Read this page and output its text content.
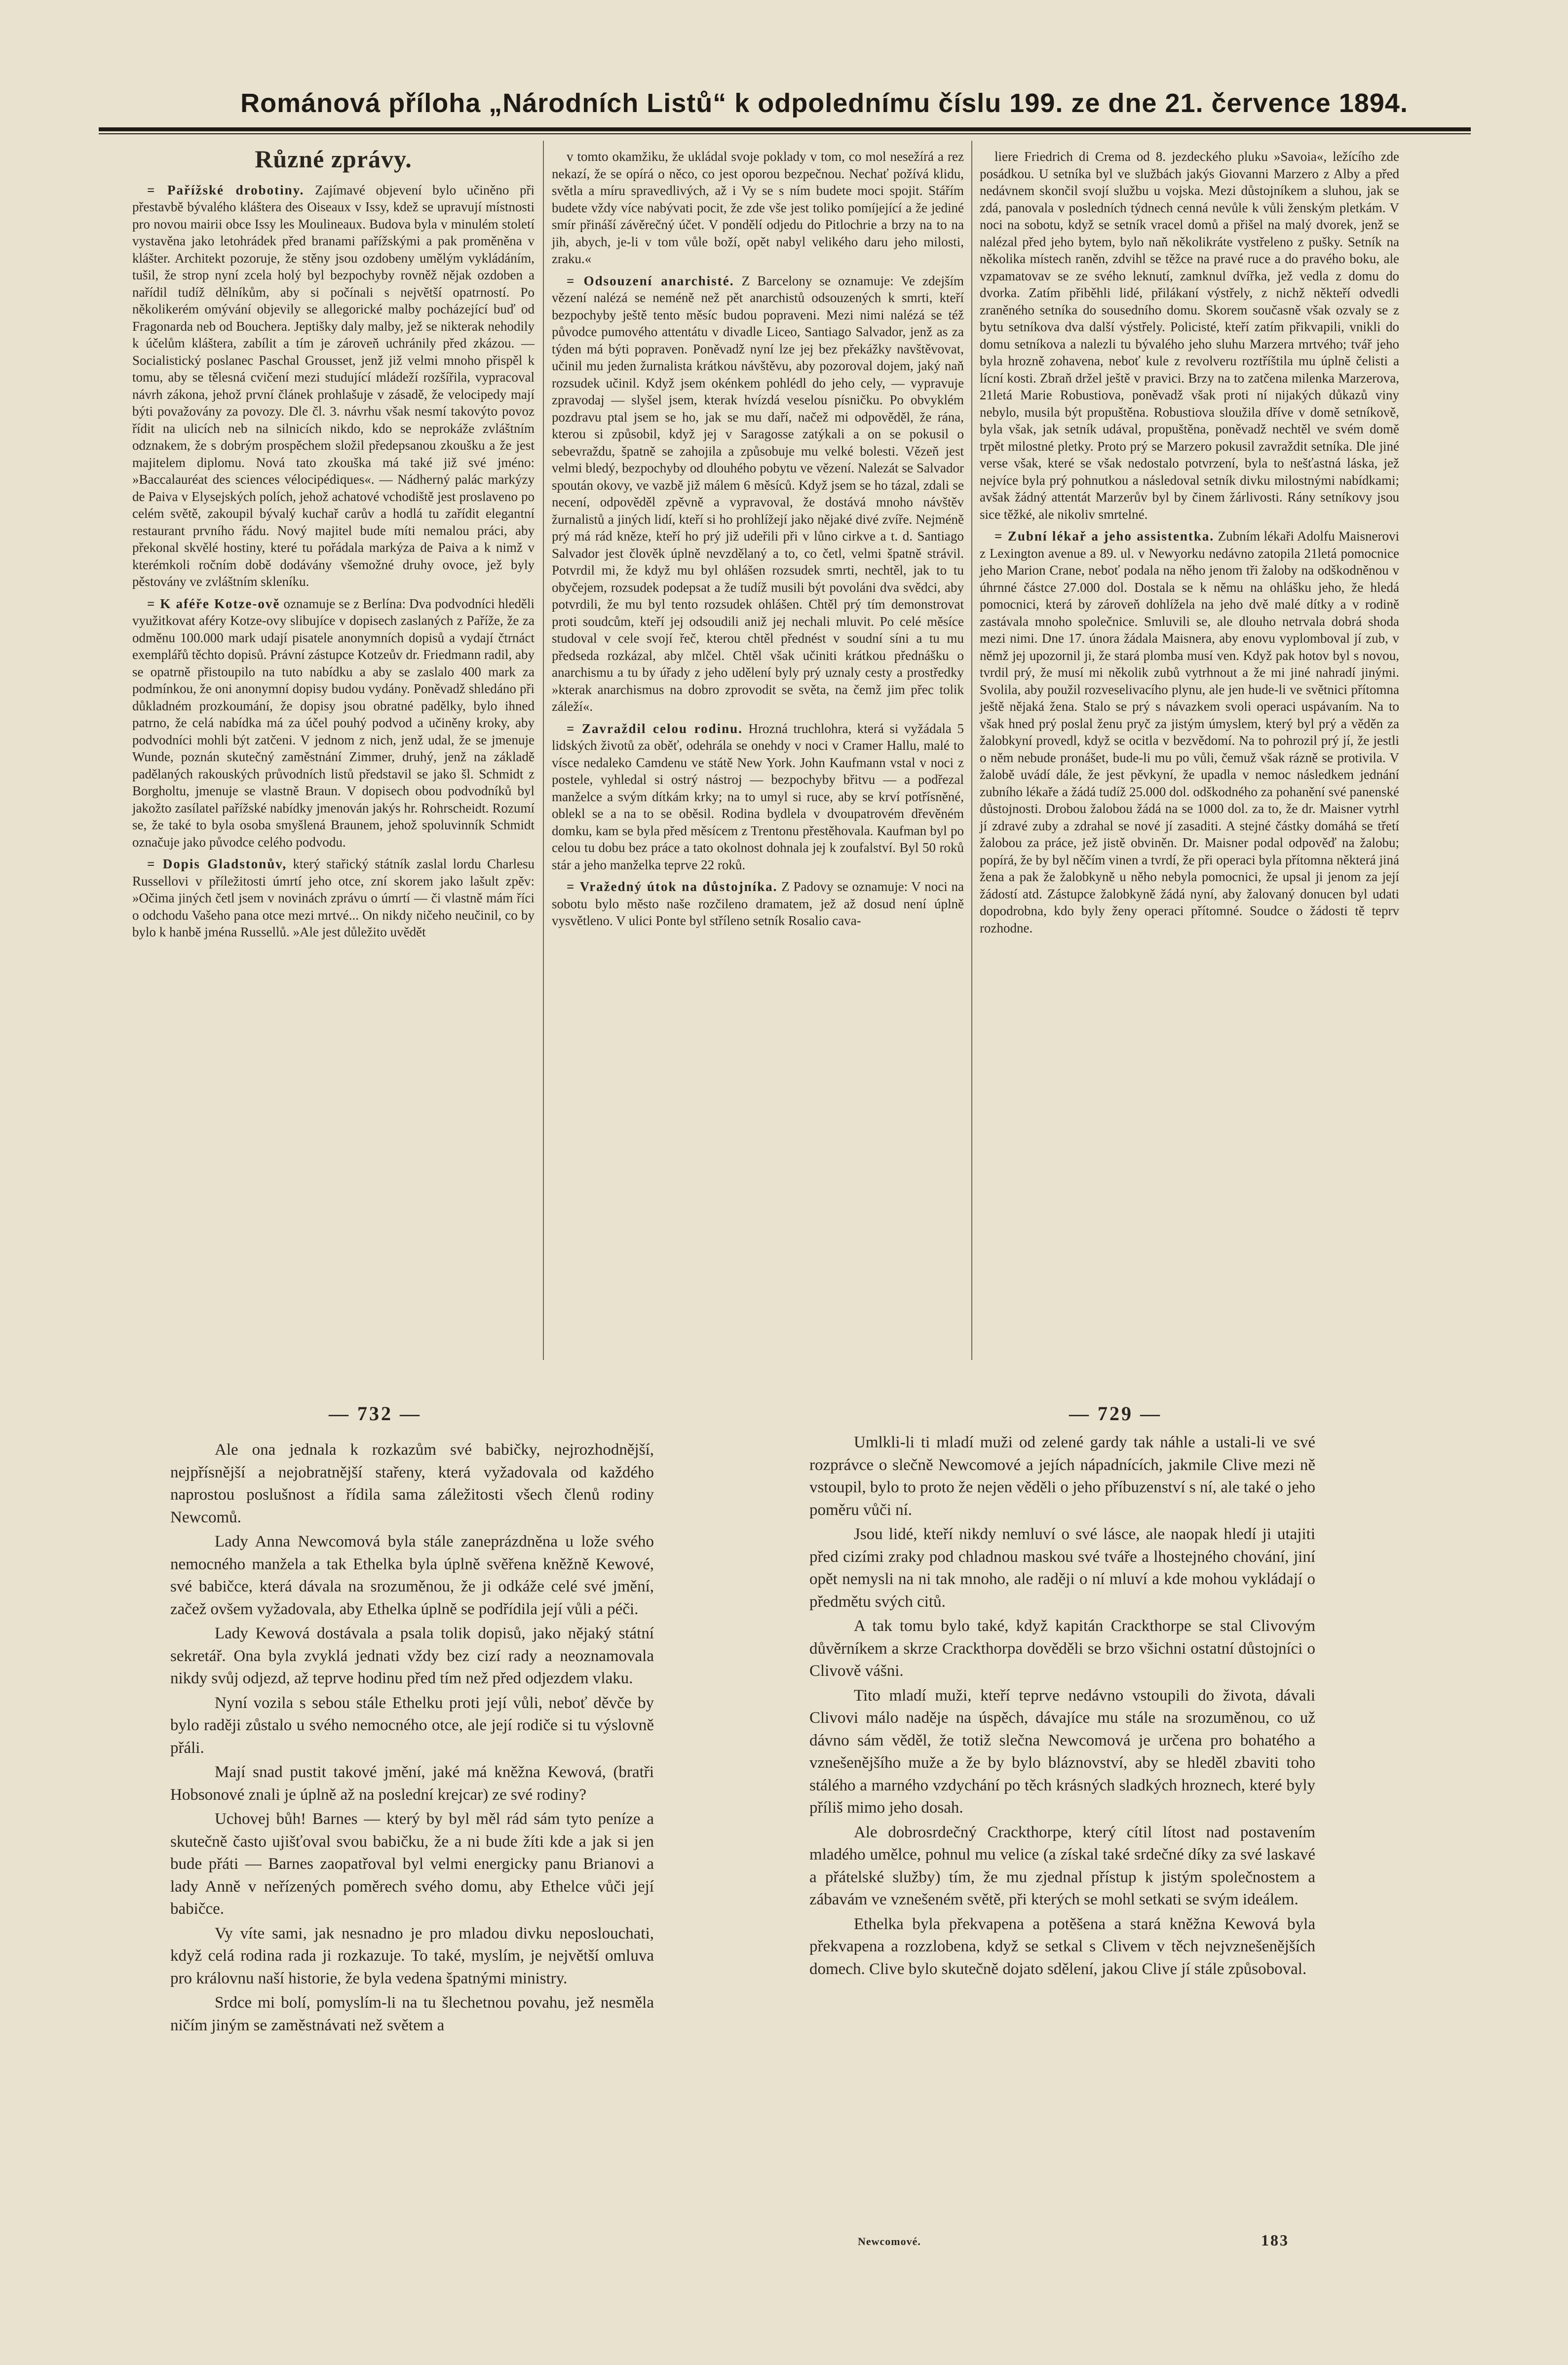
Románová příloha „Národních Listů“ k odpolednímu číslu 199. ze dne 21. července 1894.
Různé zprávy.

= Pařížské drobotiny. Zajímavé objevení bylo učiněno při přestavbě bývalého kláštera des Oiseaux v Issy, kdež se upravují místnosti pro novou mairii obce Issy les Moulineaux. Budova byla v minulém století vystavěna jako letohrádek před branami pařížskými a pak proměněna v klášter. Architekt pozoruje, že stěny jsou ozdobeny umělým vykládáním, tušil, že strop nyní zcela holý byl bezpochyby rovněž nějak ozdoben a nařídil tudíž dělníkům, aby si počínali s největší opatrností. Po několikerém omývání objevily se allegorické malby pocházející buď od Fragonarda neb od Bouchera. Jeptišky daly malby, jež se nikterak nehodily k účelům kláštera, zabílit a tím je zároveň uchránily před zkázou. — Socialistický poslanec Paschal Grousset, jenž již velmi mnoho přispěl k tomu, aby se tělesná cvičení mezi studující mládeží rozšířila, vypracoval návrh zákona, jehož první článek prohlašuje v zásadě, že velocipedy mají býti považovány za povozy. Dle čl. 3. návrhu však nesmí takovýto povoz řídit na ulicích neb na silnicích nikdo, kdo se neprokáže zvláštním odznakem, že s dobrým prospěchem složil předepsanou zkoušku a že jest majitelem diplomu. Nová tato zkouška má také již své jméno: »Baccalauréat des sciences vélocipédiques«. — Nádherný palác markýzy de Paiva v Elysejských polích, jehož achatové vchodiště jest proslaveno po celém světě, zakoupil bývalý kuchař carův a hodlá tu zařídit elegantní restaurant prvního řádu. Nový majitel bude míti nemalou práci, aby překonal skvělé hostiny, které tu pořádala markýza de Paiva a k nimž v kterémkoli ročním době dodávány všemožné druhy ovoce, jež byly pěstovány ve zvláštním skleníku.

= K aféře Kotze-ově oznamuje se z Berlína: Dva podvodníci hleděli využitkovat aféry Kotze-ovy slibujíce v dopisech zaslaných z Paříže, že za odměnu 100.000 mark udají pisatele anonymních dopisů a vydají čtrnáct exemplářů těchto dopisů. Právní zástupce Kotzeův dr. Friedmann radil, aby se opatrně přistoupilo na tuto nabídku a aby se zaslalo 400 mark za podmínkou, že oni anonymní dopisy budou vydány. Poněvadž shledáno při důkladném prozkoumání, že dopisy jsou obratné padělky, bylo ihned patrno, že celá nabídka má za účel pouhý podvod a učiněny kroky, aby podvodníci mohli být zatčeni. V jednom z nich, jenž udal, že se jmenuje Wunde, poznán skutečný zaměstnání Zimmer, druhý, jenž na základě padělaných rakouských průvodních listů představil se jako šl. Schmidt z Borgholtu, jmenuje se vlastně Braun. V dopisech obou podvodníků byl jakožto zasílatel pařížské nabídky jmenován jakýs hr. Rohrscheidt. Rozumí se, že také to byla osoba smyšlená Braunem, jehož spoluvinník Schmidt označuje jako původce celého podvodu.

= Dopis Gladstonův, který stařický státník zaslal lordu Charlesu Russellovi v příležitosti úmrtí jeho otce, zní skorem jako lašult zpěv: »Očima jiných četl jsem v novinách zprávu o úmrtí — či vlastně mám říci o odchodu Vašeho pana otce mezi mrtvé... On nikdy ničeho neučinil, co by bylo k hanbě jména Russellů. »Ale jest důležito uvědět

v tomto okamžiku, že ukládal svoje poklady v tom, co mol nesežírá a rez nekazí, že se opírá o něco, co jest oporou bezpečnou. Nechať požívá klidu, světla a míru spravedlivých, až i Vy se s ním budete moci spojit. Stářím budete vždy více nabývati pocit, že zde vše jest toliko pomíjející a že jediné smír přináší závěrečný účet. V pondělí odjedu do Pitlochrie a brzy na to na jih, abych, je-li v tom vůle boží, opět nabyl velikého daru jeho milosti, zraku.«

= Odsouzení anarchisté. Z Barcelony se oznamuje: Ve zdejším vězení nalézá se neméně než pět anarchistů odsouzených k smrti, kteří bezpochyby ještě tento měsíc budou popraveni. Mezi nimi nalézá se též původce pumového attentátu v divadle Liceo, Santiago Salvador, jenž as za týden má býti popraven. Poněvadž nyní lze jej bez překážky navštěvovat, učinil mu jeden žurnalista krátkou návštěvu, aby pozoroval dojem, jaký naň rozsudek učinil. Když jsem okénkem pohlédl do jeho cely, — vypravuje zpravodaj — slyšel jsem, kterak hvízdá veselou písničku. Po obvyklém pozdravu ptal jsem se ho, jak se mu daří, načež mi odpověděl, že rána, kterou si způsobil, když jej v Saragosse zatýkali a on se pokusil o sebevraždu, špatně se zahojila a způsobuje mu velké bolesti. Vězeň jest velmi bledý, bezpochyby od dlouhého pobytu ve vězení. Nalezát se Salvador spoután okovy, ve vazbě již málem 6 měsíců. Když jsem se ho tázal, zdali se necení, odpověděl zpěvně a vypravoval, že dostává mnoho návštěv žurnalistů a jiných lidí, kteří si ho prohlížejí jako nějaké divé zvíře. Nejméně prý má rád kněze, kteří ho prý již udeřili při v lůno cirkve a t. d. Santiago Salvador jest člověk úplně nevzdělaný a to, co četl, velmi špatně strávil. Potvrdil mi, že když mu byl ohlášen rozsudek smrti, nechtěl, jak to tu obyčejem, rozsudek podepsat a že tudíž musili být povoláni dva svědci, aby potvrdili, že mu byl tento rozsudek ohlášen. Chtěl prý tím demonstrovat proti soudcům, kteří jej odsoudili aniž jej nechali mluvit. Po celé měsíce studoval v cele svojí řeč, kterou chtěl přednést v soudní síni a tu mu předseda rozkázal, aby mlčel. Chtěl však učiniti krátkou přednášku o anarchismu a tu by úřady z jeho udělení byly prý uznaly cesty a prostředky »kterak anarchismus na dobro zprovodit se světa, na čemž jim přec tolik záleží«.

= Zavraždil celou rodinu. Hrozná truchlohra, která si vyžádala 5 lidských životů za oběť, odehrála se onehdy v noci v Cramer Hallu, malé to vísce nedaleko Camdenu ve státě New York. John Kaufmann vstal v noci z postele, vyhledal si ostrý nástroj — bezpochyby břitvu — a podřezal manželce a svým dítkám krky; na to umyl si ruce, aby se krví potřísněné, oblekl se a na to se oběsil. Rodina bydlela v dvoupatrovém dřevěném domku, kam se byla před měsícem z Trentonu přestěhovala. Kaufman byl po celou tu dobu bez práce a tato okolnost dohnala jej k zoufalství. Byl 50 roků stár a jeho manželka teprve 22 roků.

= Vražedný útok na důstojníka. Z Padovy se oznamuje: V noci na sobotu bylo město naše rozčileno dramatem, jež až dosud není úplně vysvětleno. V ulici Ponte byl stříleno setník Rosalio cava-

liere Friedrich di Crema od 8. jezdeckého pluku »Savoia«, ležícího zde posádkou. U setníka byl ve službách jakýs Giovanni Marzero z Alby a před nedávnem skončil svojí službu u vojska. Mezi důstojníkem a sluhou, jak se zdá, panovala v posledních týdnech cenná nevůle k vůli ženským pletkám. V noci na sobotu, když se setník vracel domů a přišel na malý dvorek, jenž se nalézal před jeho bytem, bylo naň několikráte vystřeleno z pušky. Setník na několika místech raněn, zdvihl se těžce na pravé ruce a do pravého boku, ale vzpamatovav se ze svého leknutí, zamknul dvířka, jež vedla z domu do dvorka. Zatím přiběhli lidé, přilákaní výstřely, z nichž někteří odvedli zraněného setníka do sousedního domu. Skorem současně však ozvaly se z bytu setníkova dva další výstřely. Policisté, kteří zatím přikvapili, vnikli do domu setníkova a nalezli tu bývalého jeho sluhu Marzera mrtvého; tvář jeho byla hrozně zohavena, neboť kule z revolveru roztříštila mu úplně čelisti a lícní kosti. Zbraň držel ještě v pravici. Brzy na to zatčena milenka Marzerova, 21letá Marie Robustiova, poněvadž však proti ní nijakých důkazů viny nebylo, musila být propuštěna. Robustiova sloužila dříve v domě setníkově, byla však, jak setník udával, propuštěna, poněvadž nechtěl ve svém domě trpět milostné pletky. Proto prý se Marzero pokusil zavraždit setníka. Dle jiné verse však, které se však nedostalo potvrzení, byla to nešťastná láska, jež nejvíce byla prý pohnutkou a následoval setník divku milostnými nabídkami; avšak žádný attentát Marzerův byl by činem žárlivosti. Rány setníkovy jsou sice těžké, ale nikoliv smrtelné.

= Zubní lékař a jeho assistentka. Zubním lékaři Adolfu Maisnerovi z Lexington avenue a 89. ul. v Newyorku nedávno zatopila 21letá pomocnice jeho Marion Crane, neboť podala na něho jenom tři žaloby na odškodněnou v úhrnné částce 27.000 dol. Dostala se k němu na ohlášku jeho, že hledá pomocnici, která by zároveň dohlížela na jeho dvě malé dítky a v rodině zastávala mnoho společnice. Smluvili se, ale dlouho netrvala dobrá shoda mezi nimi. Dne 17. února žádala Maisnera, aby enovu vyplomboval jí zub, v němž jej upozornil ji, že stará plomba musí ven. Když pak hotov byl s novou, tvrdil prý, že musí mi několik zubů vytrhnout a že mi jiné nahradí jinými. Svolila, aby použil rozveselivacího plynu, ale jen hude-li ve světnici přítomna ještě nějaká žena. Stalo se prý s návazkem svoli operaci uspávaním. Na to však hned prý poslal ženu pryč za jistým úmyslem, který byl prý a věděn za žalobkyní provedl, když se ocitla v bezvědomí. Na to pohrozil prý jí, že jestli o něm nebude pronášet, bude-li mu po vůli, čemuž však rázně se protivila. V žalobě uvádí dále, že jest pěvkyní, že upadla v nemoc následkem jednání zubního lékaře a žádá tudíž 25.000 dol. odškodného za pohanění své panenské důstojnosti. Drobou žalobou žádá na se 1000 dol. za to, že dr. Maisner vytrhl jí zdravé zuby a zdrahal se nové jí zasaditi. A stejné částky domáhá se třetí žalobou za práce, jež jistě obviněn. Dr. Maisner podal odpověď na žalobu; popírá, že by byl něčím vinen a tvrdí, že při operaci byla přítomna některá jiná žena a pak že žalobkyně u něho nebyla pomocnici, že upsal ji jenom za její žádostí atd. Zástupce žalobkyně žádá nyní, aby žalovaný donucen byl udati dopodrobna, kdo byly ženy operaci přítomné. Soudce o žádosti tě teprv rozhodne.

— 732 —	— 729 —

Ale ona jednala k rozkazům své babičky, nejrozhodnější, nejpřísnější a nejobratnější stařeny, která vyžadovala od každého naprostou poslušnost a řídila sama záležitosti všech členů rodiny Newcomů.

Lady Anna Newcomová byla stále zaneprázdněna u lože svého nemocného manžela a tak Ethelka byla úplně svěřena kněžně Kewové, své babičce, která dávala na srozuměnou, že ji odkáže celé své jmění, začež ovšem vyžadovala, aby Ethelka úplně se podřídila její vůli a péči.

Lady Kewová dostávala a psala tolik dopisů, jako nějaký státní sekretář. Ona byla zvyklá jednati vždy bez cizí rady a neoznamovala nikdy svůj odjezd, až teprve hodinu před tím než před odjezdem vlaku.

Nyní vozila s sebou stále Ethelku proti její vůli, neboť děvče by bylo raději zůstalo u svého nemocného otce, ale její rodiče si tu výslovně přáli.

Mají snad pustit takové jmění, jaké má kněžna Kewová, (bratři Hobsonové znali je úplně až na poslední krejcar) ze své rodiny?

Uchovej bůh! Barnes — který by byl měl rád sám tyto peníze a skutečně často ujišťoval svou babičku, že a ni bude žíti kde a jak si jen bude přáti — Barnes zaopatřoval byl velmi energicky panu Brianovi a lady Anně v neřízených poměrech svého domu, aby Ethelce vůči její babičce.

Vy víte sami, jak nesnadno je pro mladou divku neposlouchati, když celá rodina rada ji rozkazuje. To také, myslím, je největší omluva pro královnu naší historie, že byla vedena špatnými ministry.

Srdce mi bolí, pomyslím-li na tu šlechetnou povahu, jež nesměla ničím jiným se zaměstnávati než světem a

Umlkli-li ti mladí muži od zelené gardy tak náhle a ustali-li ve své rozprávce o slečně Newcomové a jejích nápadnících, jakmile Clive mezi ně vstoupil, bylo to proto že nejen věděli o jeho příbuzenství s ní, ale také o jeho poměru vůči ní.

Jsou lidé, kteří nikdy nemluví o své lásce, ale naopak hledí ji utajiti před cizími zraky pod chladnou maskou své tváře a lhostejného chování, jiní opět nemysli na ni tak mnoho, ale raději o ní mluví a kde mohou vykládají o předmětu svých citů.

A tak tomu bylo také, když kapitán Crackthorpe se stal Clivovým důvěrníkem a skrze Crackthorpa dověděli se brzo všichni ostatní důstojníci o Clivově vášni.

Tito mladí muži, kteří teprve nedávno vstoupili do života, dávali Clivovi málo naděje na úspěch, dávajíce mu stále na srozuměnou, co už dávno sám věděl, že totiž slečna Newcomová je určena pro bohatého a vznešenějšího muže a že by bylo bláznovství, aby se hleděl zbaviti toho stálého a marného vzdychání po těch krásných sladkých hroznech, které byly příliš mimo jeho dosah.

Ale dobrosrdečný Crackthorpe, který cítil lítost nad postavením mladého umělce, pohnul mu velice (a získal také srdečné díky za své laskavé a přátelské služby) tím, že mu zjednal přístup k jistým společnostem a zábavám ve vznešeném světě, při kterých se mohl setkati se svým ideálem.

Ethelka byla překvapena a potěšena a stará kněžna Kewová byla překvapena a rozzlobena, když se setkal s Clivem v těch nejvznešenějších domech. Clive bylo skutečně dojato sdělení, jakou Clive jí stále způsoboval.

Newcomové.	183
